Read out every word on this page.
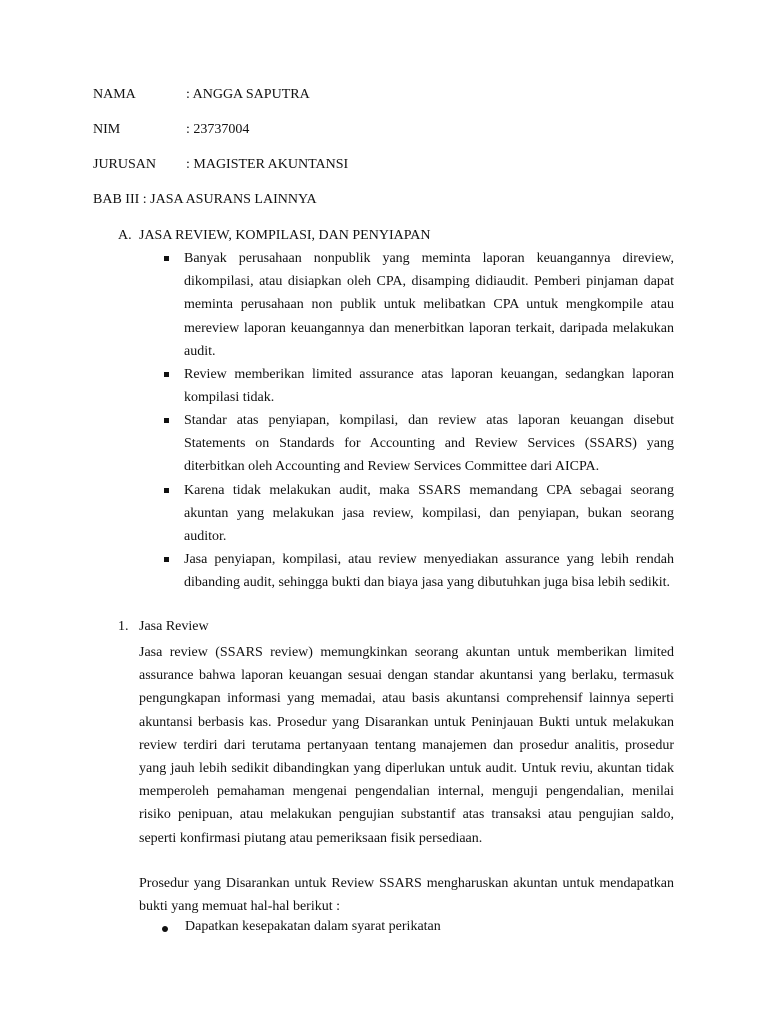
NAMA	: ANGGA SAPUTRA
NIM	: 23737004
JURUSAN : MAGISTER AKUNTANSI
BAB III : JASA ASURANS LAINNYA
A. JASA REVIEW, KOMPILASI, DAN PENYIAPAN
Banyak perusahaan nonpublik yang meminta laporan keuangannya direview, dikompilasi, atau disiapkan oleh CPA, disamping didiaudit. Pemberi pinjaman dapat meminta perusahaan non publik untuk melibatkan CPA untuk mengkompile atau mereview laporan keuangannya dan menerbitkan laporan terkait, daripada melakukan audit.
Review memberikan limited assurance atas laporan keuangan, sedangkan laporan kompilasi tidak.
Standar atas penyiapan, kompilasi, dan review atas laporan keuangan disebut Statements on Standards for Accounting and Review Services (SSARS) yang diterbitkan oleh Accounting and Review Services Committee dari AICPA.
Karena tidak melakukan audit, maka SSARS memandang CPA sebagai seorang akuntan yang melakukan jasa review, kompilasi, dan penyiapan, bukan seorang auditor.
Jasa penyiapan, kompilasi, atau review menyediakan assurance yang lebih rendah dibanding audit, sehingga bukti dan biaya jasa yang dibutuhkan juga bisa lebih sedikit.
1. Jasa Review
Jasa review (SSARS review) memungkinkan seorang akuntan untuk memberikan limited assurance bahwa laporan keuangan sesuai dengan standar akuntansi yang berlaku, termasuk pengungkapan informasi yang memadai, atau basis akuntansi comprehensif lainnya seperti akuntansi berbasis kas. Prosedur yang Disarankan untuk Peninjauan Bukti untuk melakukan review terdiri dari terutama pertanyaan tentang manajemen dan prosedur analitis, prosedur yang jauh lebih sedikit dibandingkan yang diperlukan untuk audit. Untuk reviu, akuntan tidak memperoleh pemahaman mengenai pengendalian internal, menguji pengendalian, menilai risiko penipuan, atau melakukan pengujian substantif atas transaksi atau pengujian saldo, seperti konfirmasi piutang atau pemeriksaan fisik persediaan.
Prosedur yang Disarankan untuk Review SSARS mengharuskan akuntan untuk mendapatkan bukti yang memuat hal-hal berikut :
Dapatkan kesepakatan dalam syarat perikatan
